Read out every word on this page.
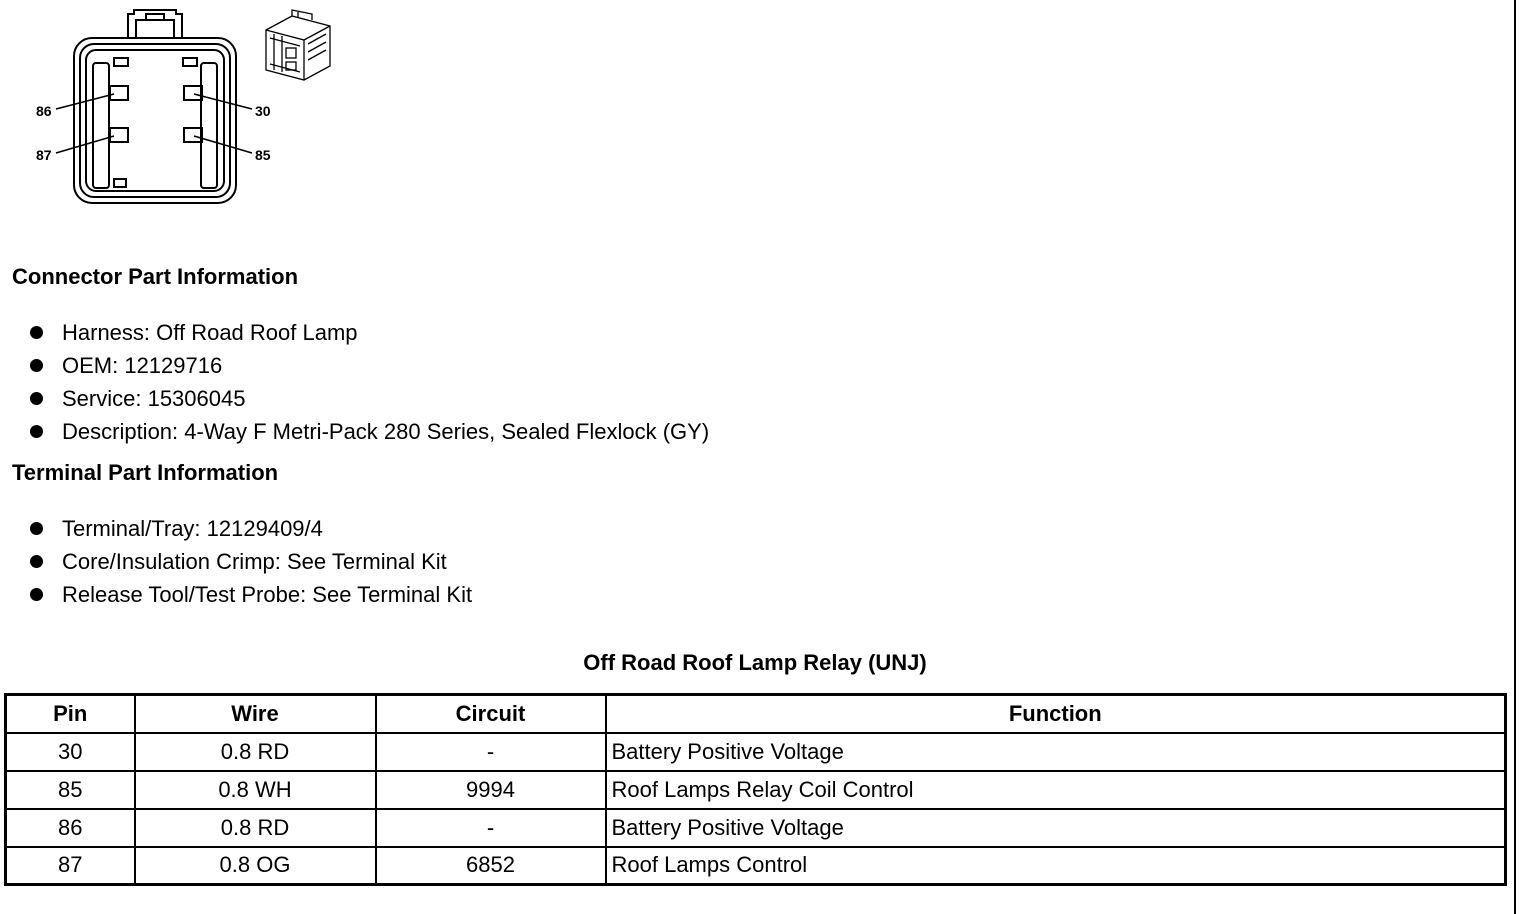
86	30
87	85
Connector Part Information
Harness: Off Road Roof Lamp
OEM: 12129716
Service: 15306045
Description: 4-Way F Metri-Pack 280 Series, Sealed Flexlock (GY)
Terminal Part Information
Terminal/Tray: 12129409/4
Core/Insulation Crimp: See Terminal Kit
Release Tool/Test Probe: See Terminal Kit
Off Road Roof Lamp Relay (UNJ)
Pin	Wire	Circuit	Function
30	0.8 RD	-	Battery Positive Voltage
85	0.8 WH	9994	Roof Lamps Relay Coil Control
86	0.8 RD	-	Battery Positive Voltage
87	0.8 OG	6852	Roof Lamps Control
